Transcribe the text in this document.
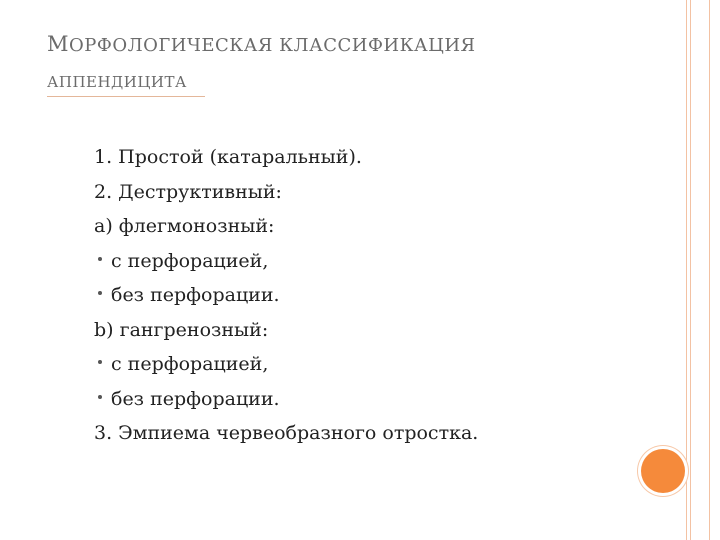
МОРФОЛОГИЧЕСКАЯ КЛАССИФИКАЦИЯ
АППЕНДИЦИТА
1. Простой (катаральный).
2. Деструктивный:
a) флегмонозный:
с перфорацией,
без перфорации.
b) гангренозный:
с перфорацией,
без перфорации.
3. Эмпиема червеобразного отростка.
